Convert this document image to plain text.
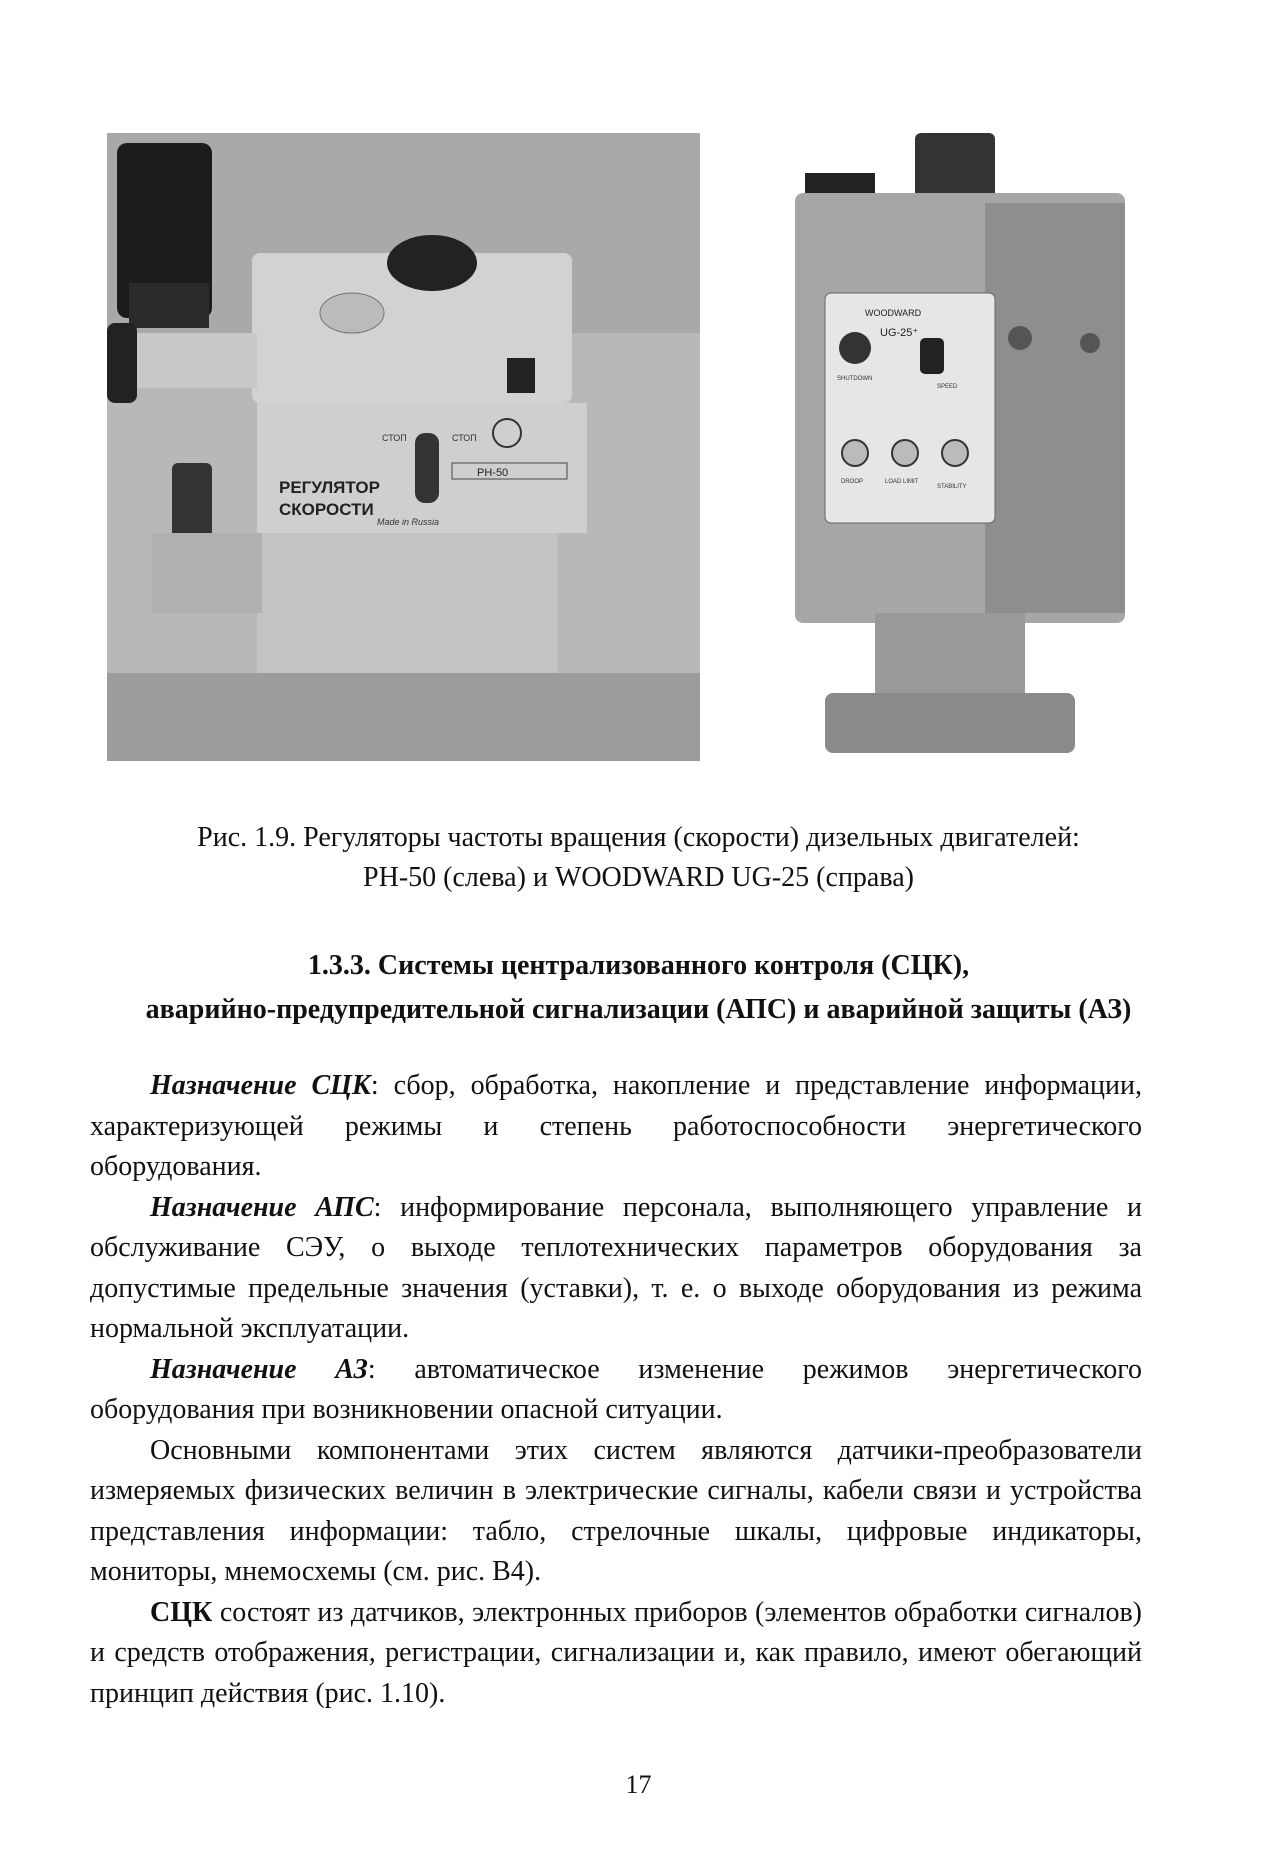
РЕГУЛЯТОР
СКОРОСТИ
СТОП	СТОП
РН-50
Made in Russia
WOODWARD
UG-25⁺
SHUTDOWN
SPEED
DROOP	LOAD LIMIT
STABILITY
Рис. 1.9. Регуляторы частоты вращения (скорости) дизельных двигателей:
РН-50 (слева) и WOODWARD UG-25 (справа)
1.3.3. Системы централизованного контроля (СЦК),
аварийно-предупредительной сигнализации (АПС) и аварийной защиты (АЗ)

Назначение СЦК: сбор, обработка, накопление и представление информации, характеризующей режимы и степень работоспособности энергетического оборудования.

Назначение АПС: информирование персонала, выполняющего управление и обслуживание СЭУ, о выходе теплотехнических параметров оборудования за допустимые предельные значения (уставки), т. е. о выходе оборудования из режима нормальной эксплуатации.

Назначение АЗ: автоматическое изменение режимов энергетического оборудования при возникновении опасной ситуации.

Основными компонентами этих систем являются датчики-преобразователи измеряемых физических величин в электрические сигналы, кабели связи и устройства представления информации: табло, стрелочные шкалы, цифровые индикаторы, мониторы, мнемосхемы (см. рис. В4).

СЦК состоят из датчиков, электронных приборов (элементов обработки сигналов) и средств отображения, регистрации, сигнализации и, как правило, имеют обегающий принцип действия (рис. 1.10).

17
